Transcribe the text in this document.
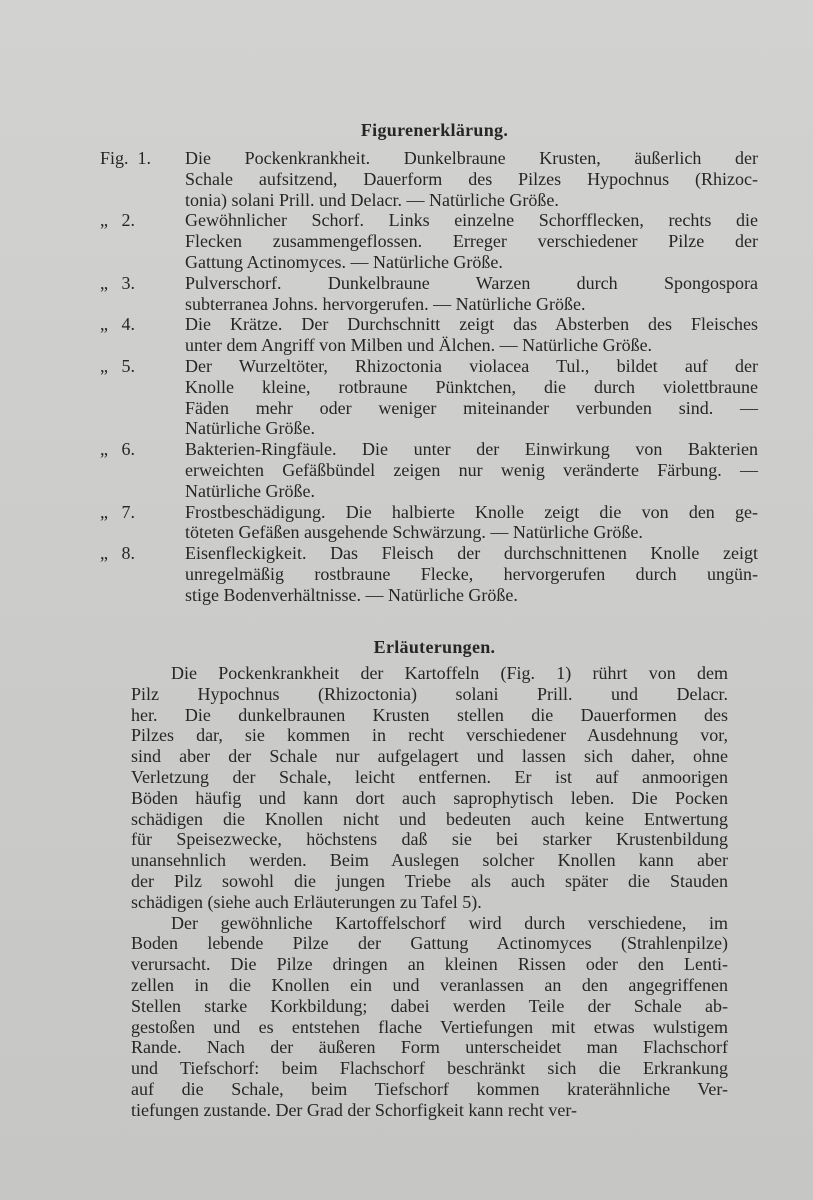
Figurenerklärung.
Fig.  1.	Die Pockenkrankheit. Dunkelbraune Krusten, äußerlich der
Schale aufsitzend, Dauerform des Pilzes Hypochnus (Rhizoc-
tonia) solani Prill. und Delacr. — Natürliche Größe.
„   2.	Gewöhnlicher Schorf. Links einzelne Schorfflecken, rechts die
Flecken zusammengeflossen. Erreger verschiedener Pilze der
Gattung Actinomyces. — Natürliche Größe.
„   3.	Pulverschorf. Dunkelbraune Warzen durch Spongospora
subterranea Johns. hervorgerufen. — Natürliche Größe.
„   4.	Die Krätze. Der Durchschnitt zeigt das Absterben des Fleisches
unter dem Angriff von Milben und Älchen. — Natürliche Größe.
„   5.	Der Wurzeltöter, Rhizoctonia violacea Tul., bildet auf der
Knolle kleine, rotbraune Pünktchen, die durch violettbraune
Fäden mehr oder weniger miteinander verbunden sind. —
Natürliche Größe.
„   6.	Bakterien-Ringfäule. Die unter der Einwirkung von Bakterien
erweichten Gefäßbündel zeigen nur wenig veränderte Färbung. —
Natürliche Größe.
„   7.	Frostbeschädigung. Die halbierte Knolle zeigt die von den ge-
töteten Gefäßen ausgehende Schwärzung. — Natürliche Größe.
„   8.	Eisenfleckigkeit. Das Fleisch der durchschnittenen Knolle zeigt
unregelmäßig rostbraune Flecke, hervorgerufen durch ungün-
stige Bodenverhältnisse. — Natürliche Größe.
Erläuterungen.
Die Pockenkrankheit der Kartoffeln (Fig. 1) rührt von dem
Pilz Hypochnus (Rhizoctonia) solani Prill. und Delacr.
her. Die dunkelbraunen Krusten stellen die Dauerformen des
Pilzes dar, sie kommen in recht verschiedener Ausdehnung vor,
sind aber der Schale nur aufgelagert und lassen sich daher, ohne
Verletzung der Schale, leicht entfernen. Er ist auf anmoorigen
Böden häufig und kann dort auch saprophytisch leben. Die Pocken
schädigen die Knollen nicht und bedeuten auch keine Entwertung
für Speisezwecke, höchstens daß sie bei starker Krustenbildung
unansehnlich werden. Beim Auslegen solcher Knollen kann aber
der Pilz sowohl die jungen Triebe als auch später die Stauden
schädigen (siehe auch Erläuterungen zu Tafel 5).
Der gewöhnliche Kartoffelschorf wird durch verschiedene, im
Boden lebende Pilze der Gattung Actinomyces (Strahlenpilze)
verursacht. Die Pilze dringen an kleinen Rissen oder den Lenti-
zellen in die Knollen ein und veranlassen an den angegriffenen
Stellen starke Korkbildung; dabei werden Teile der Schale ab-
gestoßen und es entstehen flache Vertiefungen mit etwas wulstigem
Rande. Nach der äußeren Form unterscheidet man Flachschorf
und Tiefschorf: beim Flachschorf beschränkt sich die Erkrankung
auf die Schale, beim Tiefschorf kommen kraterähnliche Ver-
tiefungen zustande. Der Grad der Schorfigkeit kann recht ver-
